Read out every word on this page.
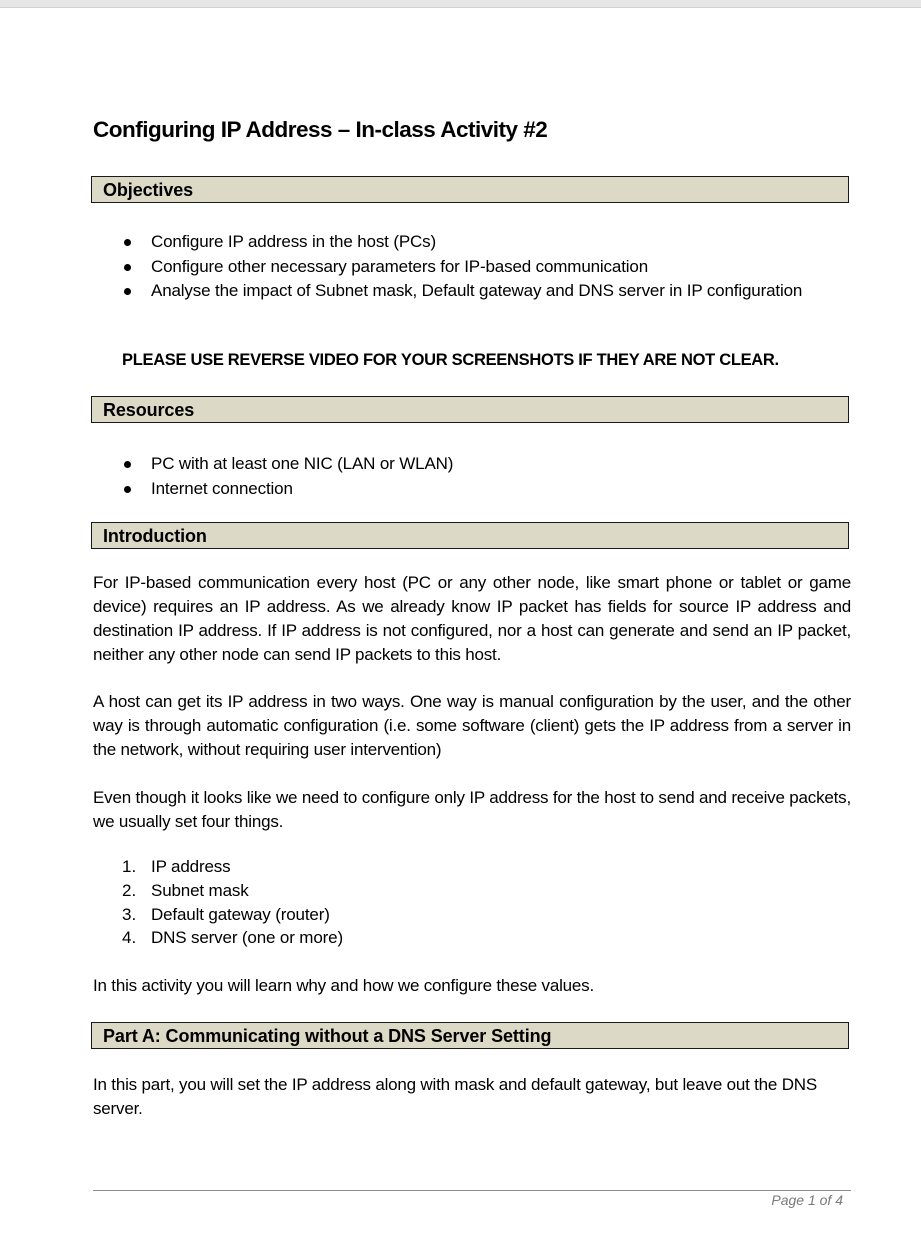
Configuring IP Address – In-class Activity #2
Objectives
Configure IP address in the host (PCs)
Configure other necessary parameters for IP-based communication
Analyse the impact of Subnet mask, Default gateway and DNS server in IP configuration
PLEASE USE REVERSE VIDEO FOR YOUR SCREENSHOTS IF THEY ARE NOT CLEAR.
Resources
PC with at least one NIC (LAN or WLAN)
Internet connection
Introduction

For IP-based communication every host (PC or any other node, like smart phone or tablet or game device) requires an IP address. As we already know IP packet has fields for source IP address and destination IP address. If IP address is not configured, nor a host can generate and send an IP packet, neither any other node can send IP packets to this host.

A host can get its IP address in two ways. One way is manual configuration by the user, and the other way is through automatic configuration (i.e. some software (client) gets the IP address from a server in the network, without requiring user intervention)

Even though it looks like we need to configure only IP address for the host to send and receive packets, we usually set four things.

1. IP address
2. Subnet mask
3. Default gateway (router)
4. DNS server (one or more)

In this activity you will learn why and how we configure these values.

Part A: Communicating without a DNS Server Setting

In this part, you will set the IP address along with mask and default gateway, but leave out the DNS server.

Page 1 of 4
